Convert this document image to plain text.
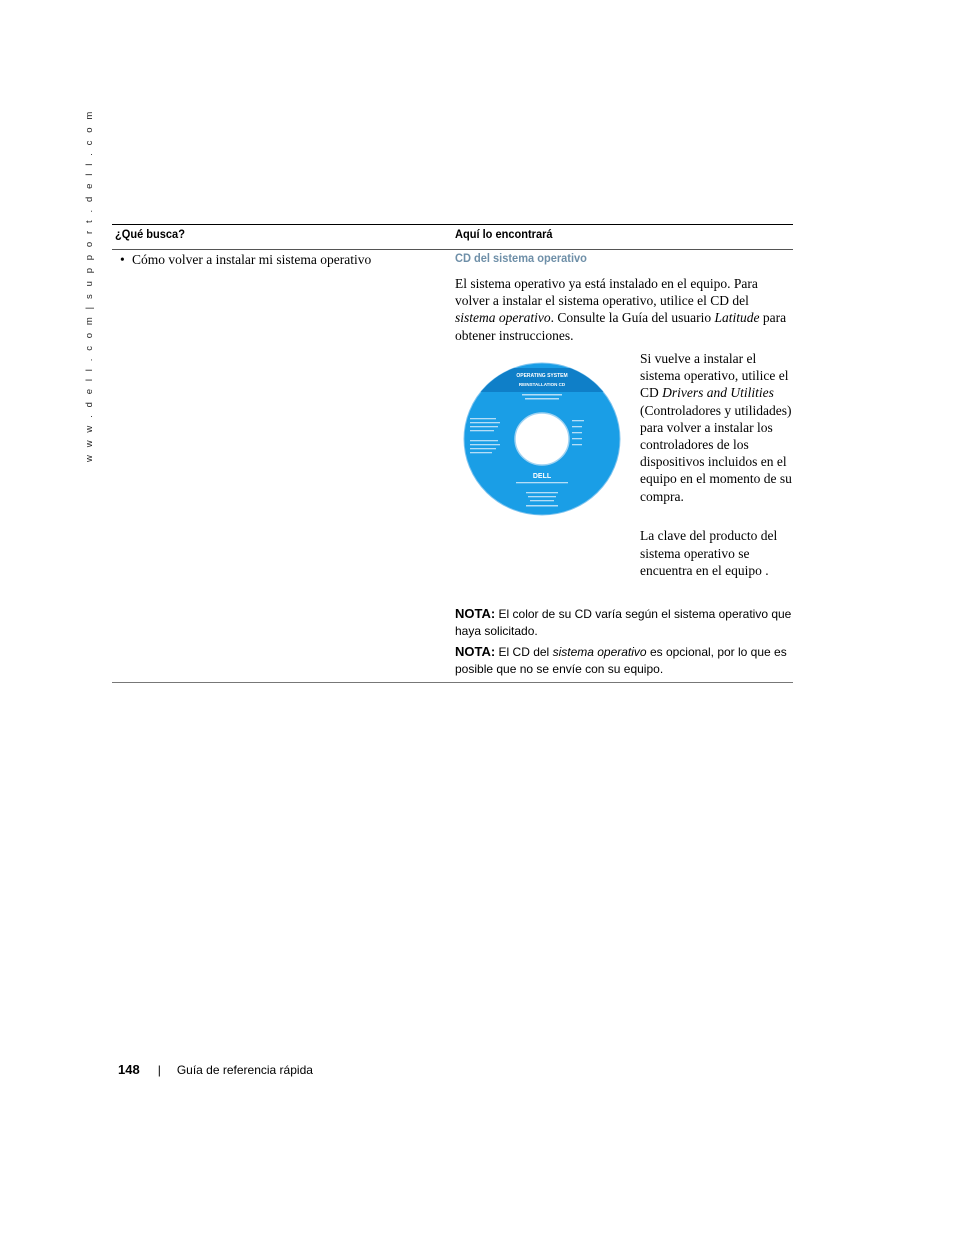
w w w . d e l l . c o m | s u p p o r t . d e l l . c o m ¿Qué busca?	Aquí lo encontrará
• Cómo volver a instalar mi sistema operativo	CD del sistema operativo
El sistema operativo ya está instalado en el equipo. Para volver a instalar el sistema operativo, utilice el CD del sistema operativo. Consulte la Guía del usuario Latitude para obtener instrucciones.
OPERATING SYSTEM
REINSTALLATION CD
DELL
Si vuelve a instalar el sistema operativo, utilice el CD Drivers and Utilities (Controladores y utilidades) para volver a instalar los controladores de los dispositivos incluidos en el equipo en el momento de su compra.
La clave del producto del sistema operativo se encuentra en el equipo .
NOTA: El color de su CD varía según el sistema operativo que haya solicitado.
NOTA: El CD del sistema operativo es opcional, por lo que es posible que no se envíe con su equipo.
148 | Guía de referencia rápida
